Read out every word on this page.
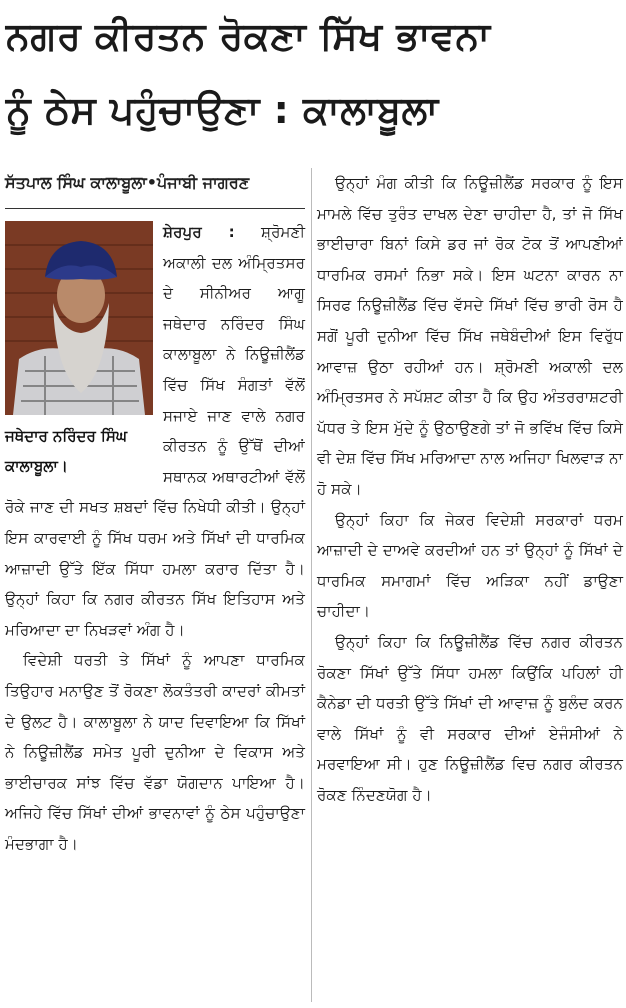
ਨਗਰ ਕੀਰਤਨ ਰੋਕਣਾ ਸਿੱਖ ਭਾਵਨਾ
ਨੂੰ ਠੇਸ ਪਹੁੰਚਾਉਣਾ : ਕਾਲਾਬੂਲਾ

ਸੱਤਪਾਲ ਸਿੰਘ ਕਾਲਾਬੂਲਾ•ਪੰਜਾਬੀ ਜਾਗਰਣ

ਜਥੇਦਾਰ ਨਰਿੰਦਰ ਸਿੰਘ ਕਾਲਾਬੂਲਾ।

ਸ਼ੇਰਪੁਰ : ਸ਼੍ਰੋਮਣੀ ਅਕਾਲੀ ਦਲ ਅੰਮ੍ਰਿਤਸਰ ਦੇ ਸੀਨੀਅਰ ਆਗੂ ਜਥੇਦਾਰ ਨਰਿੰਦਰ ਸਿੰਘ ਕਾਲਾਬੂਲਾ ਨੇ ਨਿਊਜ਼ੀਲੈਂਡ ਵਿੱਚ ਸਿੱਖ ਸੰਗਤਾਂ ਵੱਲੋਂ ਸਜਾਏ ਜਾਣ ਵਾਲੇ ਨਗਰ ਕੀਰਤਨ ਨੂੰ ਉੱਥੋਂ ਦੀਆਂ ਸਥਾਨਕ ਅਥਾਰਟੀਆਂ ਵੱਲੋਂ ਰੋਕੇ ਜਾਣ ਦੀ ਸਖਤ ਸ਼ਬਦਾਂ ਵਿੱਚ ਨਿਖੇਧੀ ਕੀਤੀ। ਉਨ੍ਹਾਂ ਇਸ ਕਾਰਵਾਈ ਨੂੰ ਸਿੱਖ ਧਰਮ ਅਤੇ ਸਿੱਖਾਂ ਦੀ ਧਾਰਮਿਕ ਆਜ਼ਾਦੀ ਉੱਤੇ ਇੱਕ ਸਿੱਧਾ ਹਮਲਾ ਕਰਾਰ ਦਿੱਤਾ ਹੈ। ਉਨ੍ਹਾਂ ਕਿਹਾ ਕਿ ਨਗਰ ਕੀਰਤਨ ਸਿੱਖ ਇਤਿਹਾਸ ਅਤੇ ਮਰਿਆਦਾ ਦਾ ਨਿਖੜਵਾਂ ਅੰਗ ਹੈ।

ਵਿਦੇਸ਼ੀ ਧਰਤੀ ਤੇ ਸਿੱਖਾਂ ਨੂੰ ਆਪਣਾ ਧਾਰਮਿਕ ਤਿਉਹਾਰ ਮਨਾਉਣ ਤੋਂ ਰੋਕਣਾ ਲੋਕਤੰਤਰੀ ਕਾਦਰਾਂ ਕੀਮਤਾਂ ਦੇ ਉਲਟ ਹੈ। ਕਾਲਾਬੂਲਾ ਨੇ ਯਾਦ ਦਿਵਾਇਆ ਕਿ ਸਿੱਖਾਂ ਨੇ ਨਿਊਜ਼ੀਲੈਂਡ ਸਮੇਤ ਪੂਰੀ ਦੁਨੀਆ ਦੇ ਵਿਕਾਸ ਅਤੇ ਭਾਈਚਾਰਕ ਸਾਂਝ ਵਿੱਚ ਵੱਡਾ ਯੋਗਦਾਨ ਪਾਇਆ ਹੈ। ਅਜਿਹੇ ਵਿੱਚ ਸਿੱਖਾਂ ਦੀਆਂ ਭਾਵਨਾਵਾਂ ਨੂੰ ਠੇਸ ਪਹੁੰਚਾਉਣਾ ਮੰਦਭਾਗਾ ਹੈ।

ਉਨ੍ਹਾਂ ਮੰਗ ਕੀਤੀ ਕਿ ਨਿਊਜ਼ੀਲੈਂਡ ਸਰਕਾਰ ਨੂੰ ਇਸ ਮਾਮਲੇ ਵਿੱਚ ਤੁਰੰਤ ਦਾਖਲ ਦੇਣਾ ਚਾਹੀਦਾ ਹੈ, ਤਾਂ ਜੋ ਸਿੱਖ ਭਾਈਚਾਰਾ ਬਿਨਾਂ ਕਿਸੇ ਡਰ ਜਾਂ ਰੋਕ ਟੋਕ ਤੋਂ ਆਪਣੀਆਂ ਧਾਰਮਿਕ ਰਸਮਾਂ ਨਿਭਾ ਸਕੇ। ਇਸ ਘਟਨਾ ਕਾਰਨ ਨਾ ਸਿਰਫ ਨਿਊਜ਼ੀਲੈਂਡ ਵਿੱਚ ਵੱਸਦੇ ਸਿੱਖਾਂ ਵਿੱਚ ਭਾਰੀ ਰੋਸ ਹੈ ਸਗੋਂ ਪੂਰੀ ਦੁਨੀਆ ਵਿੱਚ ਸਿੱਖ ਜਥੇਬੰਦੀਆਂ ਇਸ ਵਿਰੁੱਧ ਆਵਾਜ਼ ਉਠਾ ਰਹੀਆਂ ਹਨ। ਸ਼੍ਰੋਮਣੀ ਅਕਾਲੀ ਦਲ ਅੰਮ੍ਰਿਤਸਰ ਨੇ ਸਪੱਸ਼ਟ ਕੀਤਾ ਹੈ ਕਿ ਉਹ ਅੰਤਰਰਾਸ਼ਟਰੀ ਪੱਧਰ ਤੇ ਇਸ ਮੁੱਦੇ ਨੂੰ ਉਠਾਉਣਗੇ ਤਾਂ ਜੋ ਭਵਿੱਖ ਵਿੱਚ ਕਿਸੇ ਵੀ ਦੇਸ਼ ਵਿੱਚ ਸਿੱਖ ਮਰਿਆਦਾ ਨਾਲ ਅਜਿਹਾ ਖਿਲਵਾੜ ਨਾ ਹੋ ਸਕੇ।

ਉਨ੍ਹਾਂ ਕਿਹਾ ਕਿ ਜੇਕਰ ਵਿਦੇਸ਼ੀ ਸਰਕਾਰਾਂ ਧਰਮ ਆਜ਼ਾਦੀ ਦੇ ਦਾਅਵੇ ਕਰਦੀਆਂ ਹਨ ਤਾਂ ਉਨ੍ਹਾਂ ਨੂੰ ਸਿੱਖਾਂ ਦੇ ਧਾਰਮਿਕ ਸਮਾਗਮਾਂ ਵਿੱਚ ਅੜਿਕਾ ਨਹੀਂ ਡਾਉਣਾ ਚਾਹੀਦਾ।

ਉਨ੍ਹਾਂ ਕਿਹਾ ਕਿ ਨਿਊਜ਼ੀਲੈਂਡ ਵਿੱਚ ਨਗਰ ਕੀਰਤਨ ਰੋਕਣਾ ਸਿੱਖਾਂ ਉੱਤੇ ਸਿੱਧਾ ਹਮਲਾ ਕਿਉਂਕਿ ਪਹਿਲਾਂ ਹੀ ਕੈਨੇਡਾ ਦੀ ਧਰਤੀ ਉੱਤੇ ਸਿੱਖਾਂ ਦੀ ਆਵਾਜ਼ ਨੂੰ ਬੁਲੰਦ ਕਰਨ ਵਾਲੇ ਸਿੱਖਾਂ ਨੂੰ ਵੀ ਸਰਕਾਰ ਦੀਆਂ ਏਜੰਸੀਆਂ ਨੇ ਮਰਵਾਇਆ ਸੀ। ਹੁਣ ਨਿਊਜ਼ੀਲੈਂਡ ਵਿਚ ਨਗਰ ਕੀਰਤਨ ਰੋਕਣ ਨਿੰਦਣਯੋਗ ਹੈ।
